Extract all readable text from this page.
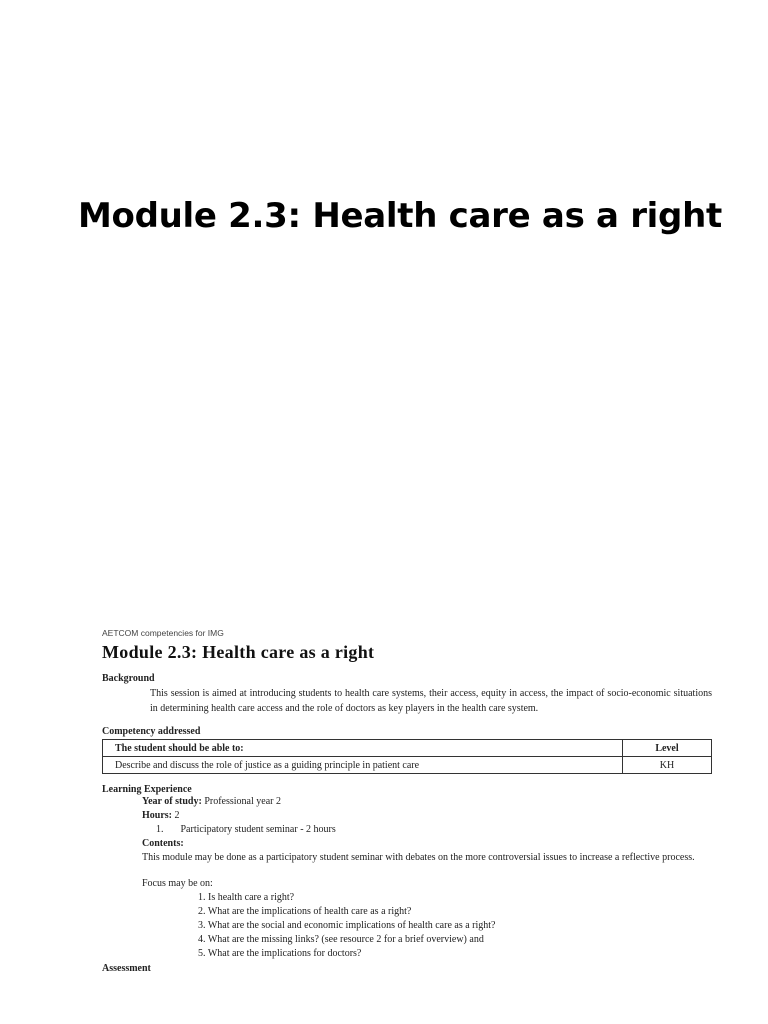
Module 2.3: Health care as a right
AETCOM competencies for IMG
Module 2.3: Health care as a right
Background
This session is aimed at introducing students to health care systems, their access, equity in access, the impact of socio-economic situations in determining health care access and the role of doctors as key players in the health care system.
Competency addressed
The student should be able to:	Level
Describe and discuss the role of justice as a guiding principle in patient care	KH
Learning Experience
Year of study: Professional year 2
Hours: 2
1. Participatory student seminar - 2 hours
Contents:
This module may be done as a participatory student seminar with debates on the more controversial issues to increase a reflective process.
Focus may be on:
1. Is health care a right?
2. What are the implications of health care as a right?
3. What are the social and economic implications of health care as a right?
4. What are the missing links? (see resource 2 for a brief overview) and
5. What are the implications for doctors?
Assessment
